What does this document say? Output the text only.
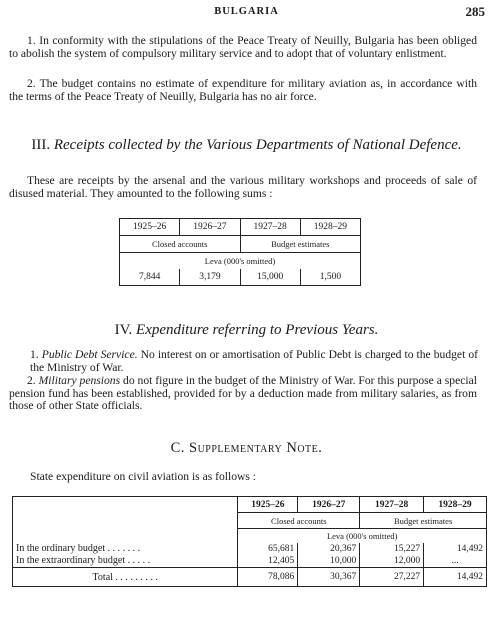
BULGARIA	285

1. In conformity with the stipulations of the Peace Treaty of Neuilly, Bulgaria has been obliged to abolish the system of compulsory military service and to adopt that of voluntary enlistment.

2. The budget contains no estimate of expenditure for military aviation as, in accordance with the terms of the Peace Treaty of Neuilly, Bulgaria has no air force.

III. Receipts collected by the Various Departments of National Defence.

These are receipts by the arsenal and the various military workshops and proceeds of sale of disused material. They amounted to the following sums :

1925–26	1926–27	1927–28	1928–29
Closed accounts		Budget estimates	
Leva (000's omitted)			
7,844	3,179	15,000	1,500
IV. Expenditure referring to Previous Years.

1. Public Debt Service. No interest on or amortisation of Public Debt is charged to the budget of the Ministry of War.

2. Military pensions do not figure in the budget of the Ministry of War. For this purpose a special pension fund has been established, provided for by a deduction made from military salaries, as from those of other State officials.

C. Supplementary Note.

State expenditure on civil aviation is as follows :

	1925–26	1926–27	1927–28	1928–29
	Closed accounts		Budget estimates	
	Leva (000's omitted)			
In the ordinary budget . . . . . . .	65,681	20,367	15,227	14,492
In the extraordinary budget . . . . .	12,405	10,000	12,000	...
Total . . . . . . . . .	78,086	30,367	27,227	14,492
